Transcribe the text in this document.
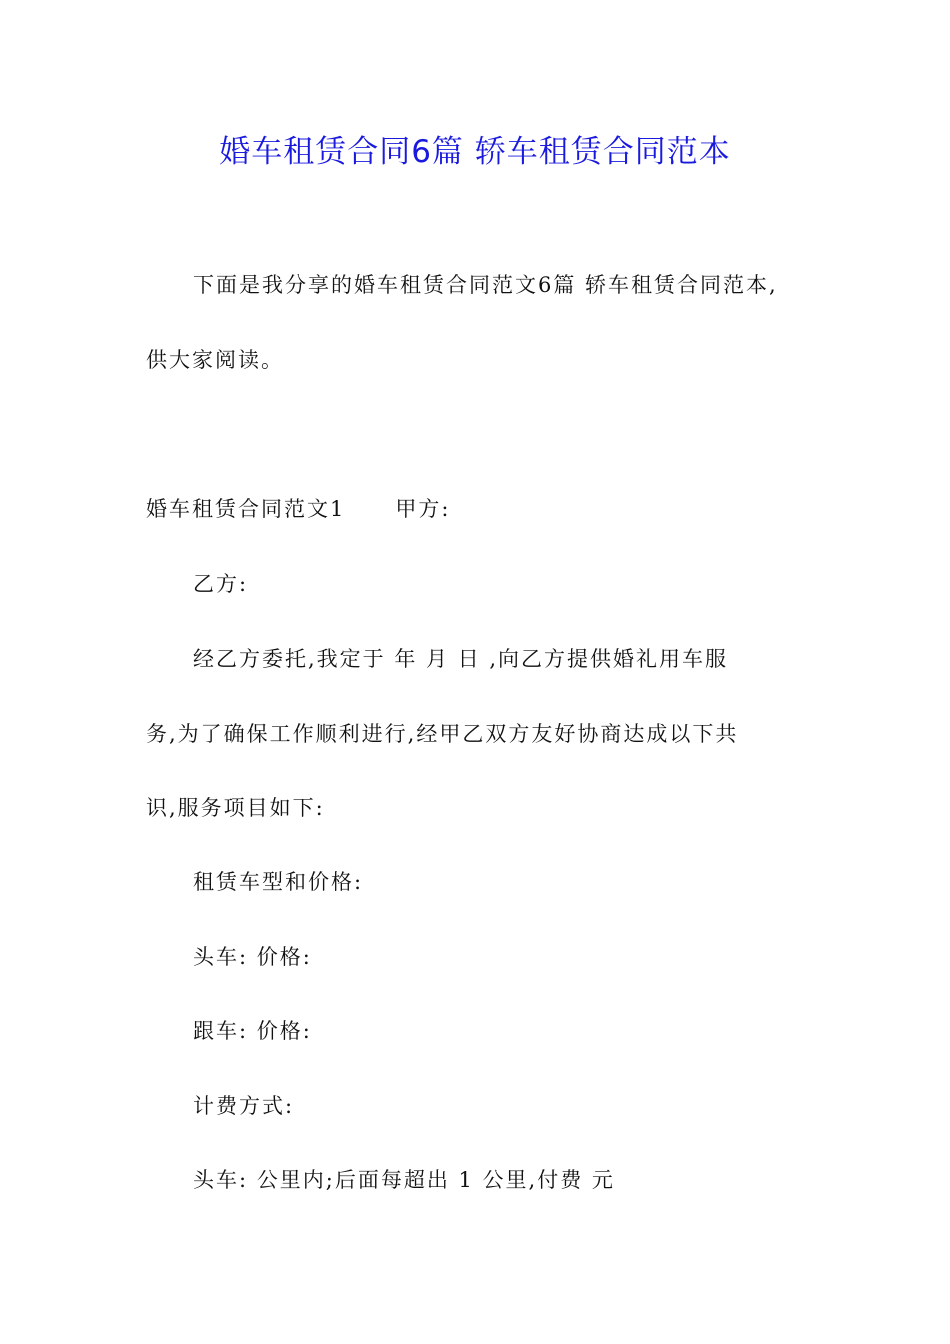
婚车租赁合同6篇 轿车租赁合同范本
下面是我分享的婚车租赁合同范文6篇 轿车租赁合同范本,
供大家阅读。
婚车租赁合同范文1 甲方:
乙方:
经乙方委托,我定于 年 月 日 ,向乙方提供婚礼用车服
务,为了确保工作顺利进行,经甲乙双方友好协商达成以下共
识,服务项目如下:
租赁车型和价格:
头车: 价格:
跟车: 价格:
计费方式:
头车: 公里内;后面每超出 1 公里,付费 元
